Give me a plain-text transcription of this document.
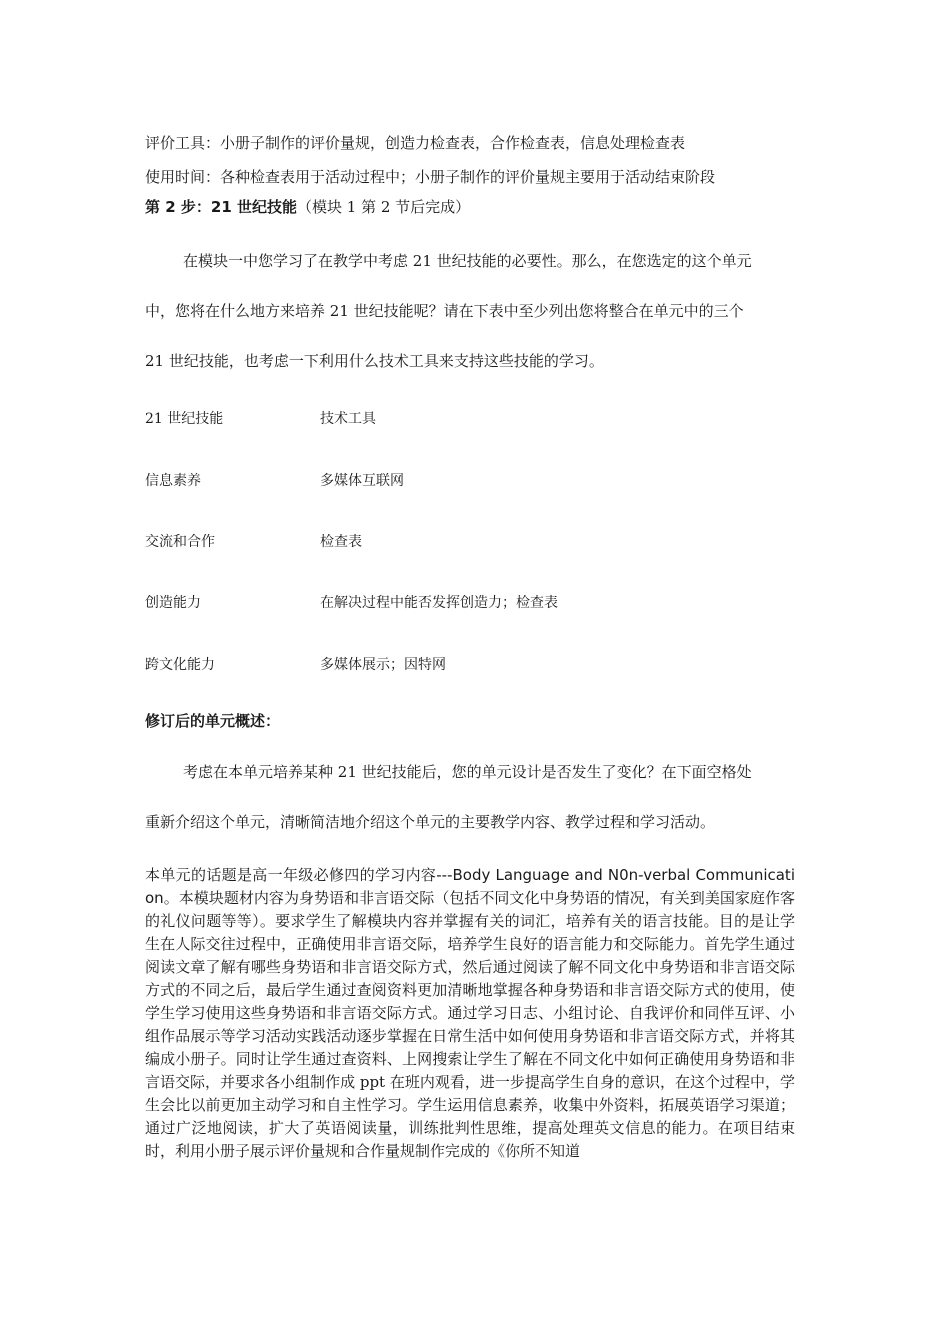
评价工具：小册子制作的评价量规，创造力检查表，合作检查表，信息处理检查表
使用时间：各种检查表用于活动过程中；小册子制作的评价量规主要用于活动结束阶段
第 2 步：21 世纪技能（模块 1 第 2 节后完成）
在模块一中您学习了在教学中考虑 21 世纪技能的必要性。那么，在您选定的这个单元
中，您将在什么地方来培养 21 世纪技能呢？请在下表中至少列出您将整合在单元中的三个
21 世纪技能，也考虑一下利用什么技术工具来支持这些技能的学习。
21 世纪技能	技术工具
信息素养	多媒体互联网
交流和合作	检查表
创造能力	在解决过程中能否发挥创造力；检查表
跨文化能力	多媒体展示；因特网
修订后的单元概述：
考虑在本单元培养某种 21 世纪技能后，您的单元设计是否发生了变化？在下面空格处
重新介绍这个单元，清晰简洁地介绍这个单元的主要教学内容、教学过程和学习活动。
本单元的话题是高一年级必修四的学习内容---Body Language and N0n-verbal Communication。本模块题材内容为身势语和非言语交际（包括不同文化中身势语的情况，有关到美国家庭作客的礼仪问题等等）。要求学生了解模块内容并掌握有关的词汇，培养有关的语言技能。目的是让学生在人际交往过程中，正确使用非言语交际，培养学生良好的语言能力和交际能力。首先学生通过阅读文章了解有哪些身势语和非言语交际方式，然后通过阅读了解不同文化中身势语和非言语交际方式的不同之后，最后学生通过查阅资料更加清晰地掌握各种身势语和非言语交际方式的使用，使学生学习使用这些身势语和非言语交际方式。通过学习日志、小组讨论、自我评价和同伴互评、小组作品展示等学习活动实践活动逐步掌握在日常生活中如何使用身势语和非言语交际方式，并将其编成小册子。同时让学生通过查资料、上网搜索让学生了解在不同文化中如何正确使用身势语和非言语交际，并要求各小组制作成 ppt 在班内观看，进一步提高学生自身的意识，在这个过程中，学生会比以前更加主动学习和自主性学习。学生运用信息素养，收集中外资料，拓展英语学习渠道；通过广泛地阅读，扩大了英语阅读量，训练批判性思维，提高处理英文信息的能力。在项目结束时，利用小册子展示评价量规和合作量规制作完成的《你所不知道
